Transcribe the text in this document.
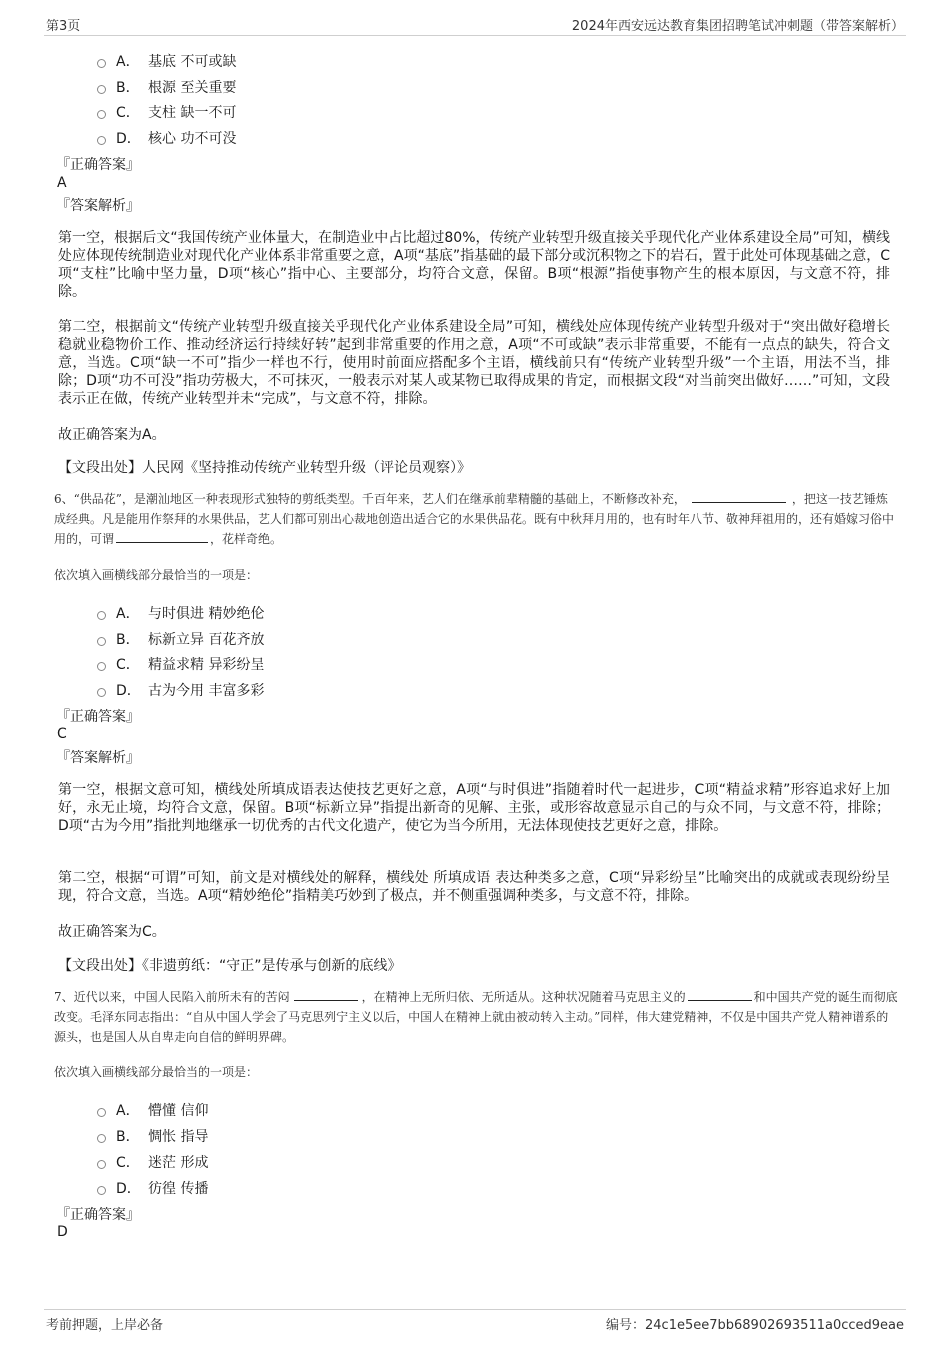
第3页	2024年西安远达教育集团招聘笔试冲刺题（带答案解析）
A． 基底 不可或缺
B． 根源 至关重要
C． 支柱 缺一不可
D． 核心 功不可没
『正确答案』
A
『答案解析』

第一空，根据后文“我国传统产业体量大，在制造业中占比超过80%，传统产业转型升级直接关乎现代化产业体系建设全局”可知，横线处应体现传统制造业对现代化产业体系非常重要之意，A项“基底”指基础的最下部分或沉积物之下的岩石，置于此处可体现基础之意，C项“支柱”比喻中坚力量，D项“核心”指中心、主要部分，均符合文意，保留。B项“根源”指使事物产生的根本原因，与文意不符，排除。

第二空，根据前文“传统产业转型升级直接关乎现代化产业体系建设全局”可知，横线处应体现传统产业转型升级对于“突出做好稳增长稳就业稳物价工作、推动经济运行持续好转”起到非常重要的作用之意，A项“不可或缺”表示非常重要，不能有一点点的缺失，符合文意，当选。C项“缺一不可”指少一样也不行，使用时前面应搭配多个主语，横线前只有“传统产业转型升级”一个主语，用法不当，排除；D项“功不可没”指功劳极大，不可抹灭，一般表示对某人或某物已取得成果的肯定，而根据文段“对当前突出做好……”可知，文段表示正在做，传统产业转型并未“完成”，与文意不符，排除。

故正确答案为A。
【文段出处】人民网《坚持推动传统产业转型升级（评论员观察）》

6、“供品花”，是潮汕地区一种表现形式独特的剪纸类型。千百年来，艺人们在继承前辈精髓的基础上，不断修改补充，	，把这一技艺锤炼成经典。凡是能用作祭拜的水果供品，艺人们都可别出心裁地创造出适合它的水果供品花。既有中秋拜月用的，也有时年八节、敬神拜祖用的，还有婚嫁习俗中用的，可谓	，花样奇绝。

依次填入画横线部分最恰当的一项是：
A． 与时俱进 精妙绝伦
B． 标新立异 百花齐放
C． 精益求精 异彩纷呈
D． 古为今用 丰富多彩
『正确答案』
C
『答案解析』

第一空，根据文意可知，横线处所填成语表达使技艺更好之意，A项“与时俱进”指随着时代一起进步，C项“精益求精”形容追求好上加好，永无止境，均符合文意，保留。B项“标新立异”指提出新奇的见解、主张，或形容故意显示自己的与众不同，与文意不符，排除；D项“古为今用”指批判地继承一切优秀的古代文化遗产，使它为当今所用，无法体现使技艺更好之意，排除。

第二空，根据“可谓”可知，前文是对横线处的解释，横线处 所填成语 表达种类多之意，C项“异彩纷呈”比喻突出的成就或表现纷纷呈现，符合文意，当选。A项“精妙绝伦”指精美巧妙到了极点，并不侧重强调种类多，与文意不符，排除。

故正确答案为C。
【文段出处】《非遗剪纸：“守正”是传承与创新的底线》

7、近代以来，中国人民陷入前所未有的苦闷	，在精神上无所归依、无所适从。这种状况随着马克思主义的	和中国共产党的诞生而彻底改变。毛泽东同志指出：“自从中国人学会了马克思列宁主义以后，中国人在精神上就由被动转入主动。”同样，伟大建党精神，不仅是中国共产党人精神谱系的源头，也是国人从自卑走向自信的鲜明界碑。

依次填入画横线部分最恰当的一项是：
A． 懵懂 信仰
B． 惆怅 指导
C． 迷茫 形成
D． 彷徨 传播
『正确答案』
D
考前押题，上岸必备	编号：24c1e5ee7bb68902693511a0cced9eae
